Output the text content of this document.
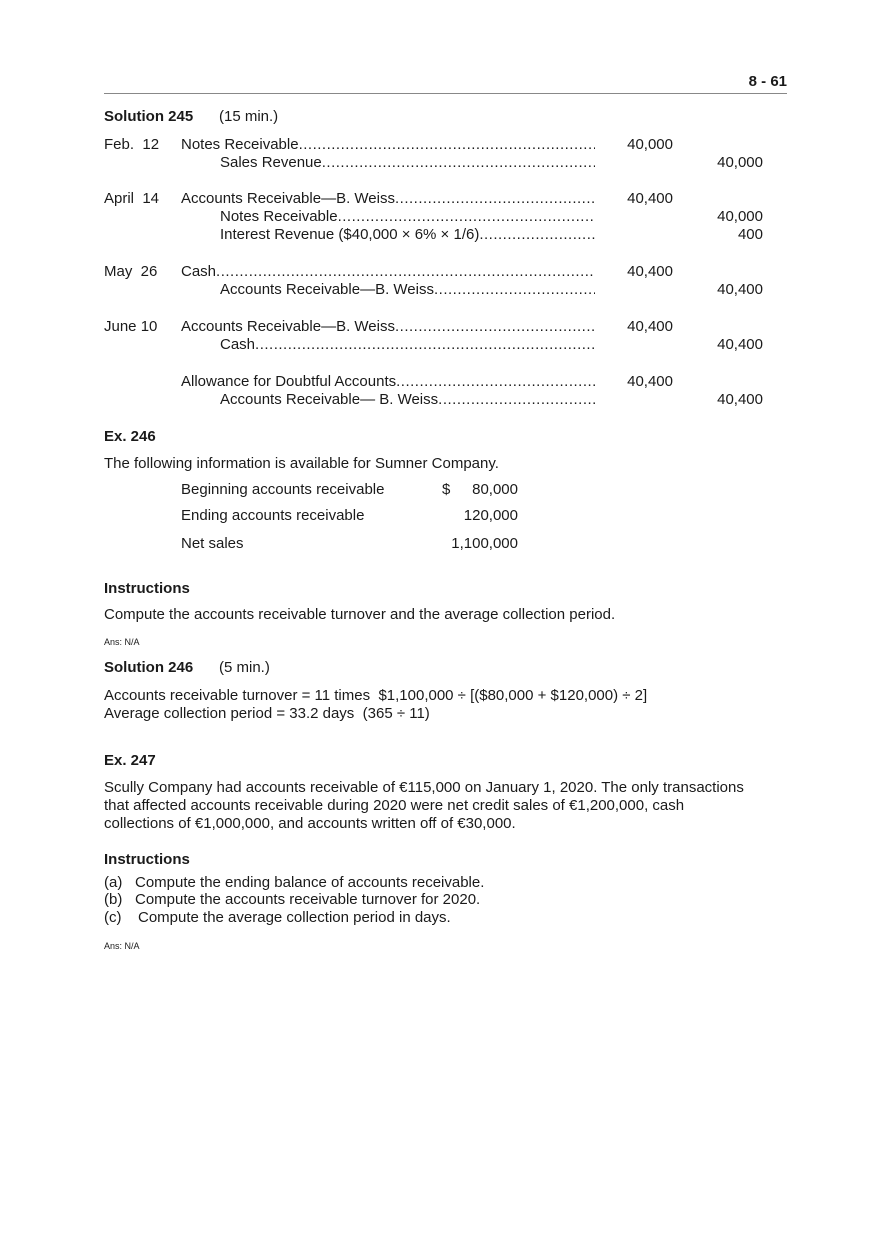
8 - 61
Solution 245 (15 min.)
Feb.  12 Notes Receivable .....	40,000
Sales Revenue .....	40,000
April  14 Accounts Receivable—B. Weiss .....	40,400
Notes Receivable .....	40,000
Interest Revenue ($40,000 × 6% × 1/6) .....	400
May  26 Cash .....	40,400
Accounts Receivable—B. Weiss .....	40,400
June 10 Accounts Receivable—B. Weiss .....	40,400
Cash .....	40,400
Allowance for Doubtful Accounts .....	40,400
Accounts Receivable— B. Weiss .....	40,400
Ex. 246
The following information is available for Sumner Company.
Beginning accounts receivable	$	80,000
Ending accounts receivable	120,000
Net sales	1,100,000
Instructions
Compute the accounts receivable turnover and the average collection period.
Ans: N/A
Solution 246 (5 min.)
Accounts receivable turnover = 11 times  $1,100,000 ÷ [($80,000 + $120,000) ÷ 2]
Average collection period = 33.2 days  (365 ÷ 11)
Ex. 247
Scully Company had accounts receivable of €115,000 on January 1, 2020. The only transactions
that affected accounts receivable during 2020 were net credit sales of €1,200,000, cash
collections of €1,000,000, and accounts written off of €30,000.
Instructions
(a) Compute the ending balance of accounts receivable.
(b) Compute the accounts receivable turnover for 2020.
(c) Compute the average collection period in days.
Ans: N/A
